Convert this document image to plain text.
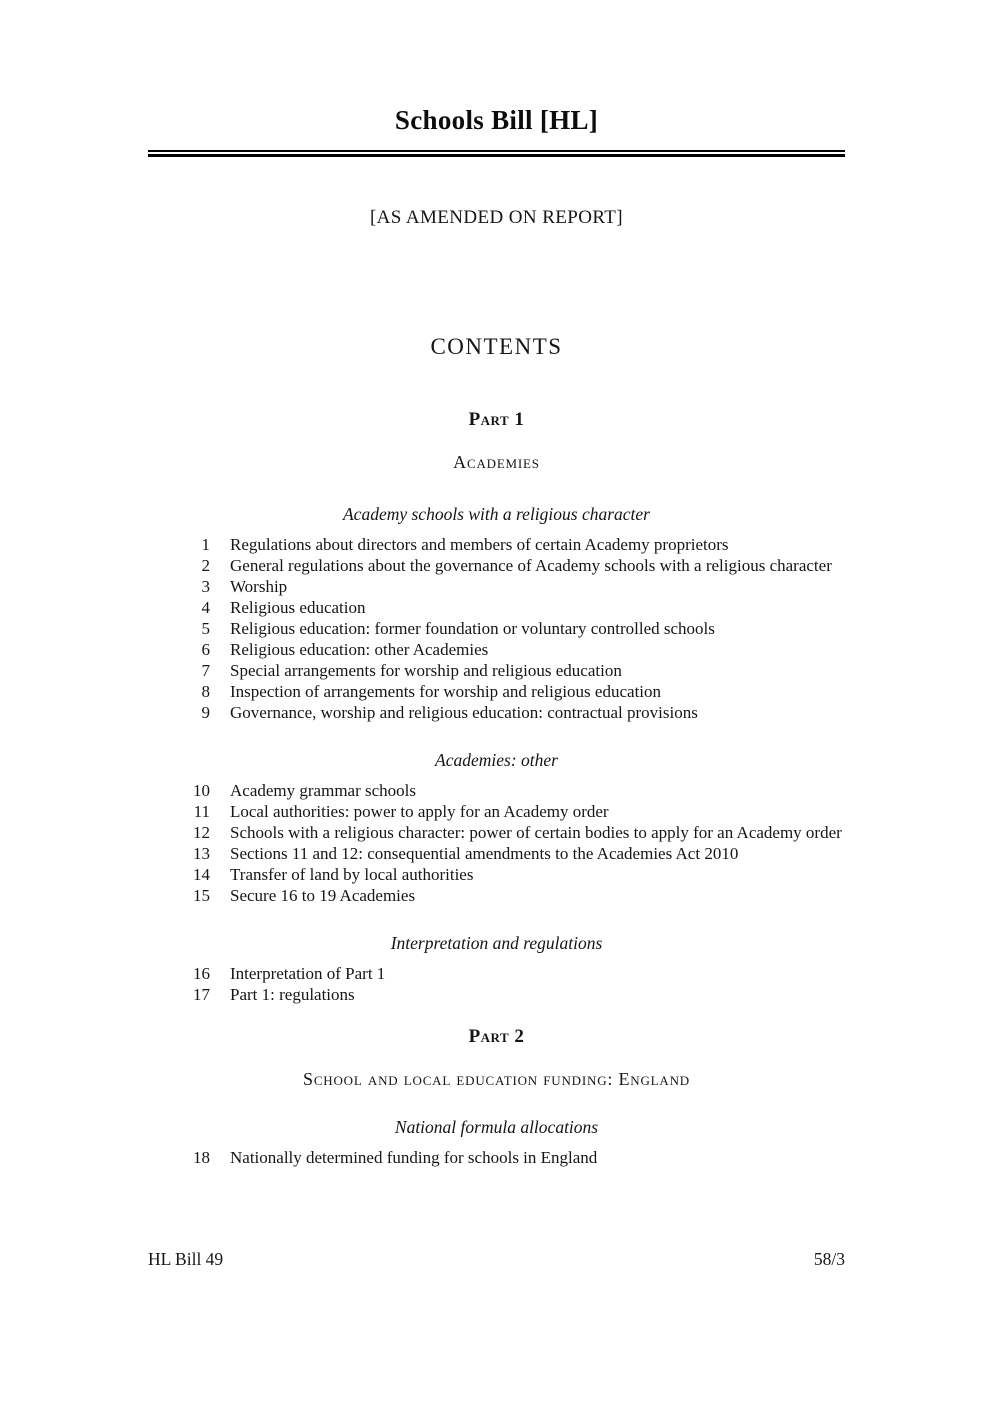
Schools Bill [HL]
[AS AMENDED ON REPORT]
CONTENTS
Part 1
Academies
Academy schools with a religious character
1 Regulations about directors and members of certain Academy proprietors
2 General regulations about the governance of Academy schools with a religious character
3 Worship
4 Religious education
5 Religious education: former foundation or voluntary controlled schools
6 Religious education: other Academies
7 Special arrangements for worship and religious education
8 Inspection of arrangements for worship and religious education
9 Governance, worship and religious education: contractual provisions
Academies: other
10 Academy grammar schools
11 Local authorities: power to apply for an Academy order
12 Schools with a religious character: power of certain bodies to apply for an Academy order
13 Sections 11 and 12: consequential amendments to the Academies Act 2010
14 Transfer of land by local authorities
15 Secure 16 to 19 Academies
Interpretation and regulations
16 Interpretation of Part 1
17 Part 1: regulations
Part 2
School and local education funding: England
National formula allocations
18 Nationally determined funding for schools in England
HL Bill 49	58/3
